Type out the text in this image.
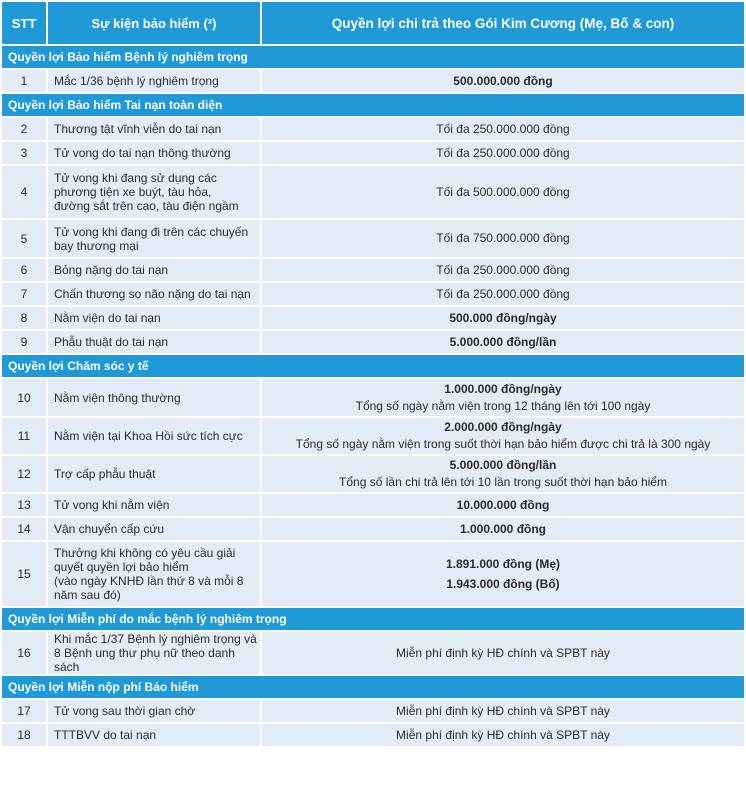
STT	Sự kiện bảo hiểm (²)	Quyền lợi chi trả theo Gói Kim Cương (Mẹ, Bố & con)
Quyền lợi Bảo hiểm Bệnh lý nghiêm trọng		
1	Mắc 1/36 bệnh lý nghiêm trọng	500.000.000 đồng

Quyền lợi Bảo hiểm Tai nạn toàn diện		
2	Thương tật vĩnh viễn do tai nạn	Tối đa 250.000.000 đồng

3	Tử vong do tai nạn thông thường	Tối đa 250.000.000 đồng

4	Tử vong khi đang sử dụng các
phương tiện xe buýt, tàu hỏa,
đường sắt trên cao, tàu điện ngầm	Tối đa 500.000.000 đồng

5	Tử vong khi đang đi trên các chuyến
bay thương mại	Tối đa 750.000.000 đồng

6	Bỏng nặng do tai nạn	Tối đa 250.000.000 đồng

7	Chấn thương sọ não nặng do tai nạn	Tối đa 250.000.000 đồng

8	Nằm viện do tai nạn	500.000 đồng/ngày

9	Phẫu thuật do tai nạn	5.000.000 đồng/lần

Quyền lợi Chăm sóc y tế		
10	Nằm viện thông thường	1.000.000 đồng/ngày
Tổng số ngày nằm viện trong 12 tháng lên tới 100 ngày

11	Nằm viện tại Khoa Hồi sức tích cực	2.000.000 đồng/ngày
Tổng số ngày nằm viện trong suốt thời hạn bảo hiểm được chi trả là 300 ngày

12	Trợ cấp phẫu thuật	5.000.000 đồng/lần
Tổng số lần chi trả lên tới 10 lần trong suốt thời hạn bảo hiểm

13	Tử vong khi nằm viện	10.000.000 đồng

14	Vận chuyển cấp cứu	1.000.000 đồng

15	Thưởng khi không có yêu cầu giải
quyết quyền lợi bảo hiểm
(vào ngày KNHĐ lần thứ 8 và mỗi 8
năm sau đó)	1.891.000 đồng (Mẹ)
1.943.000 đồng (Bố)

Quyền lợi Miễn phí do mắc bệnh lý nghiêm trọng		
16	Khi mắc 1/37 Bệnh lý nghiêm trọng và
8 Bệnh ung thư phụ nữ theo danh sách	Miễn phí định kỳ HĐ chính và SPBT này

Quyền lợi Miễn nộp phí Bảo hiểm		
17	Tử vong sau thời gian chờ	Miễn phí định kỳ HĐ chính và SPBT này

18	TTTBVV do tai nạn	Miễn phí định kỳ HĐ chính và SPBT này
